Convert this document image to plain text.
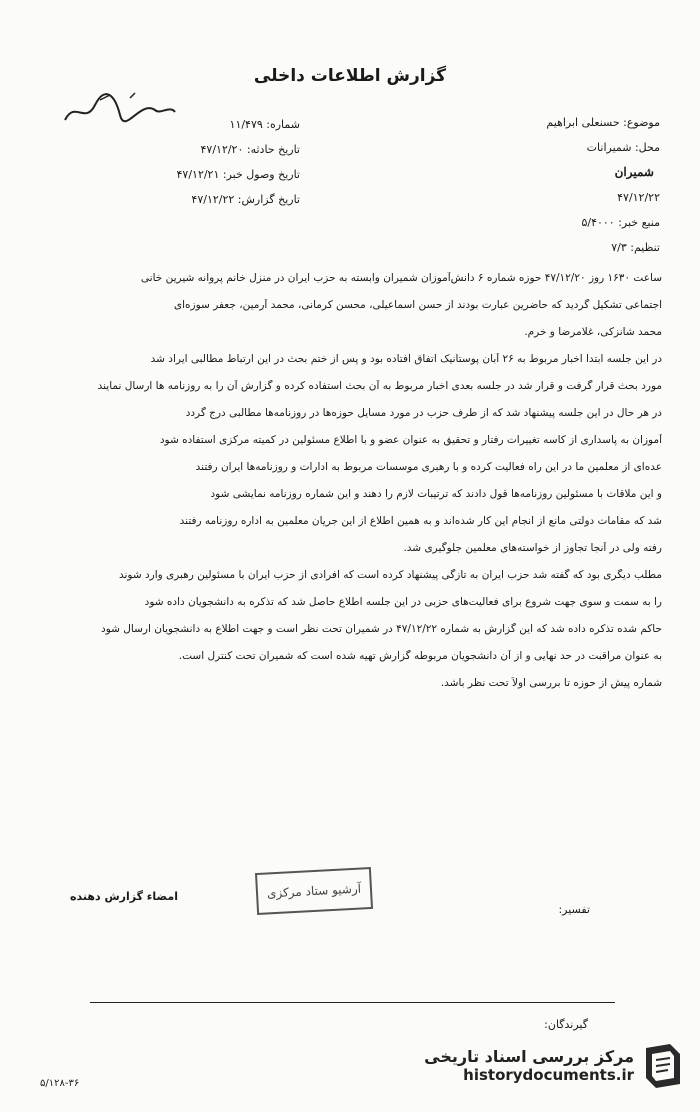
گزارش اطلاعات داخلی
موضوع: حسنعلی ابراهیم
محل: شمیرانات
شمیران
۴۷/۱۲/۲۲
منبع خبر: ۵/۴۰۰۰
تنظیم: ۷/۳
شماره: ۱۱/۴۷۹
تاریخ حادثه: ۴۷/۱۲/۲۰
تاریخ وصول خبر: ۴۷/۱۲/۲۱
تاریخ گزارش: ۴۷/۱۲/۲۲
ساعت ۱۶۳۰ روز ۴۷/۱۲/۲۰ حوزه شماره ۶ دانش‌آموزان شمیران وابسته به حزب ایران در منزل خانم پروانه شیرین خانی
اجتماعی تشکیل گردید که حاضرین عبارت بودند از حسن اسماعیلی، محسن کرمانی، محمد آرمین، جعفر سوزه‌ای
محمد شانزکی، غلامرضا و خرم.
در این جلسه ابتدا اخبار مربوط به ۲۶ آبان پوستانیک اتفاق افتاده بود و پس از ختم بحث در این ارتباط مطالبی ایراد شد
مورد بحث قرار گرفت و قرار شد در جلسه بعدی اخبار مربوط به آن بحث استفاده کرده و گزارش آن را به روزنامه ها ارسال نمایند
در هر حال در این جلسه پیشنهاد شد که از طرف حزب در مورد مسایل حوزه‌ها در روزنامه‌ها مطالبی درج گردد
آموزان به پاسداری از کاسه تغییرات رفتار و تحقیق به عنوان عضو و با اطلاع مسئولین در کمیته مرکزی استفاده شود
عده‌ای از معلمین ما در این راه فعالیت کرده و با رهبری موسسات مربوط به ادارات و روزنامه‌ها ایران رفتند
و این ملاقات با مسئولین روزنامه‌ها قول دادند که ترتیبات لازم را دهند و این شماره روزنامه نمایشی شود
شد که مقامات دولتی مانع از انجام این کار شده‌اند و به همین اطلاع از این جریان معلمین به اداره روزنامه رفتند
رفته ولی در آنجا تجاوز از خواسته‌های معلمین جلوگیری شد.
مطلب دیگری بود که گفته شد حزب ایران به تازگی پیشنهاد کرده است که افرادی از حزب ایران با مسئولین رهبری وارد شوند
را به سمت و سوی جهت شروع برای فعالیت‌های حزبی در این جلسه اطلاع حاصل شد که تذکره به دانشجویان داده شود
حاکم شده تذکره داده شد که این گزارش به شماره ۴۷/۱۲/۲۲ در شمیران تحت نظر است و جهت اطلاع به دانشجویان ارسال شود
به عنوان مراقبت در حد نهایی و از آن دانشجویان مربوطه گزارش تهیه شده است که شمیران تحت کنترل است.
شماره پیش از حوزه تا بررسی اولاً تحت نظر باشد.
آرشیو ستاد مرکزی
امضاء گزارش دهنده
تفسیر:
گیرندگان:
۵/۱۲۸-۳۶
مرکز بررسی اسناد تاریخی
historydocuments.ir
